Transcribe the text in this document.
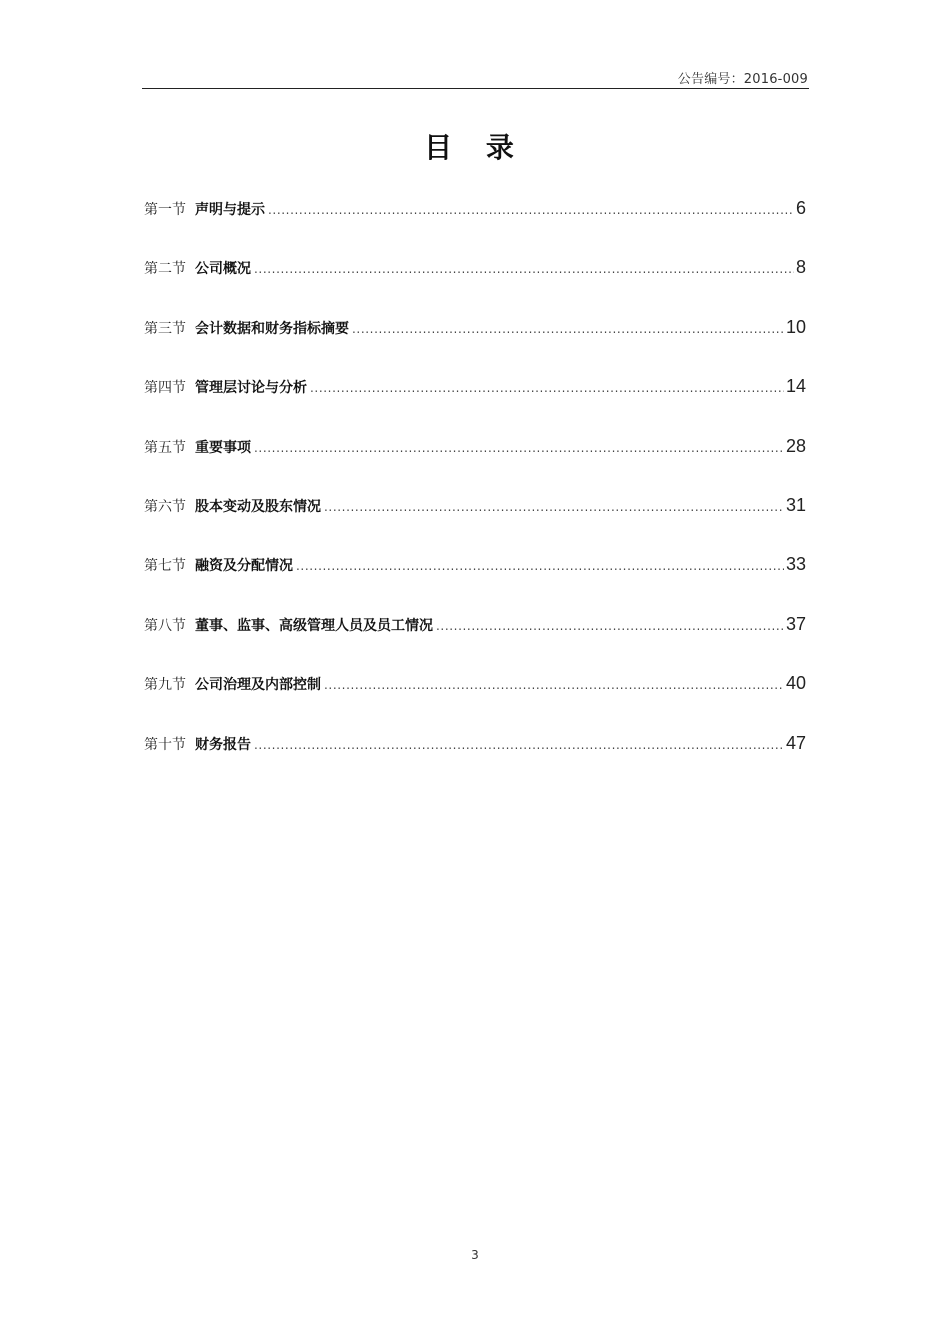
公告编号：2016-009
目 录
第一节 声明与提示 .....	6
第二节 公司概况 .....	8
第三节 会计数据和财务指标摘要 .....	10
第四节 管理层讨论与分析 .....	14
第五节 重要事项 .....	28
第六节 股本变动及股东情况 .....	31
第七节 融资及分配情况 .....	33
第八节 董事、监事、高级管理人员及员工情况 .....	37
第九节 公司治理及内部控制 .....	40
第十节 财务报告 .....	47
3
